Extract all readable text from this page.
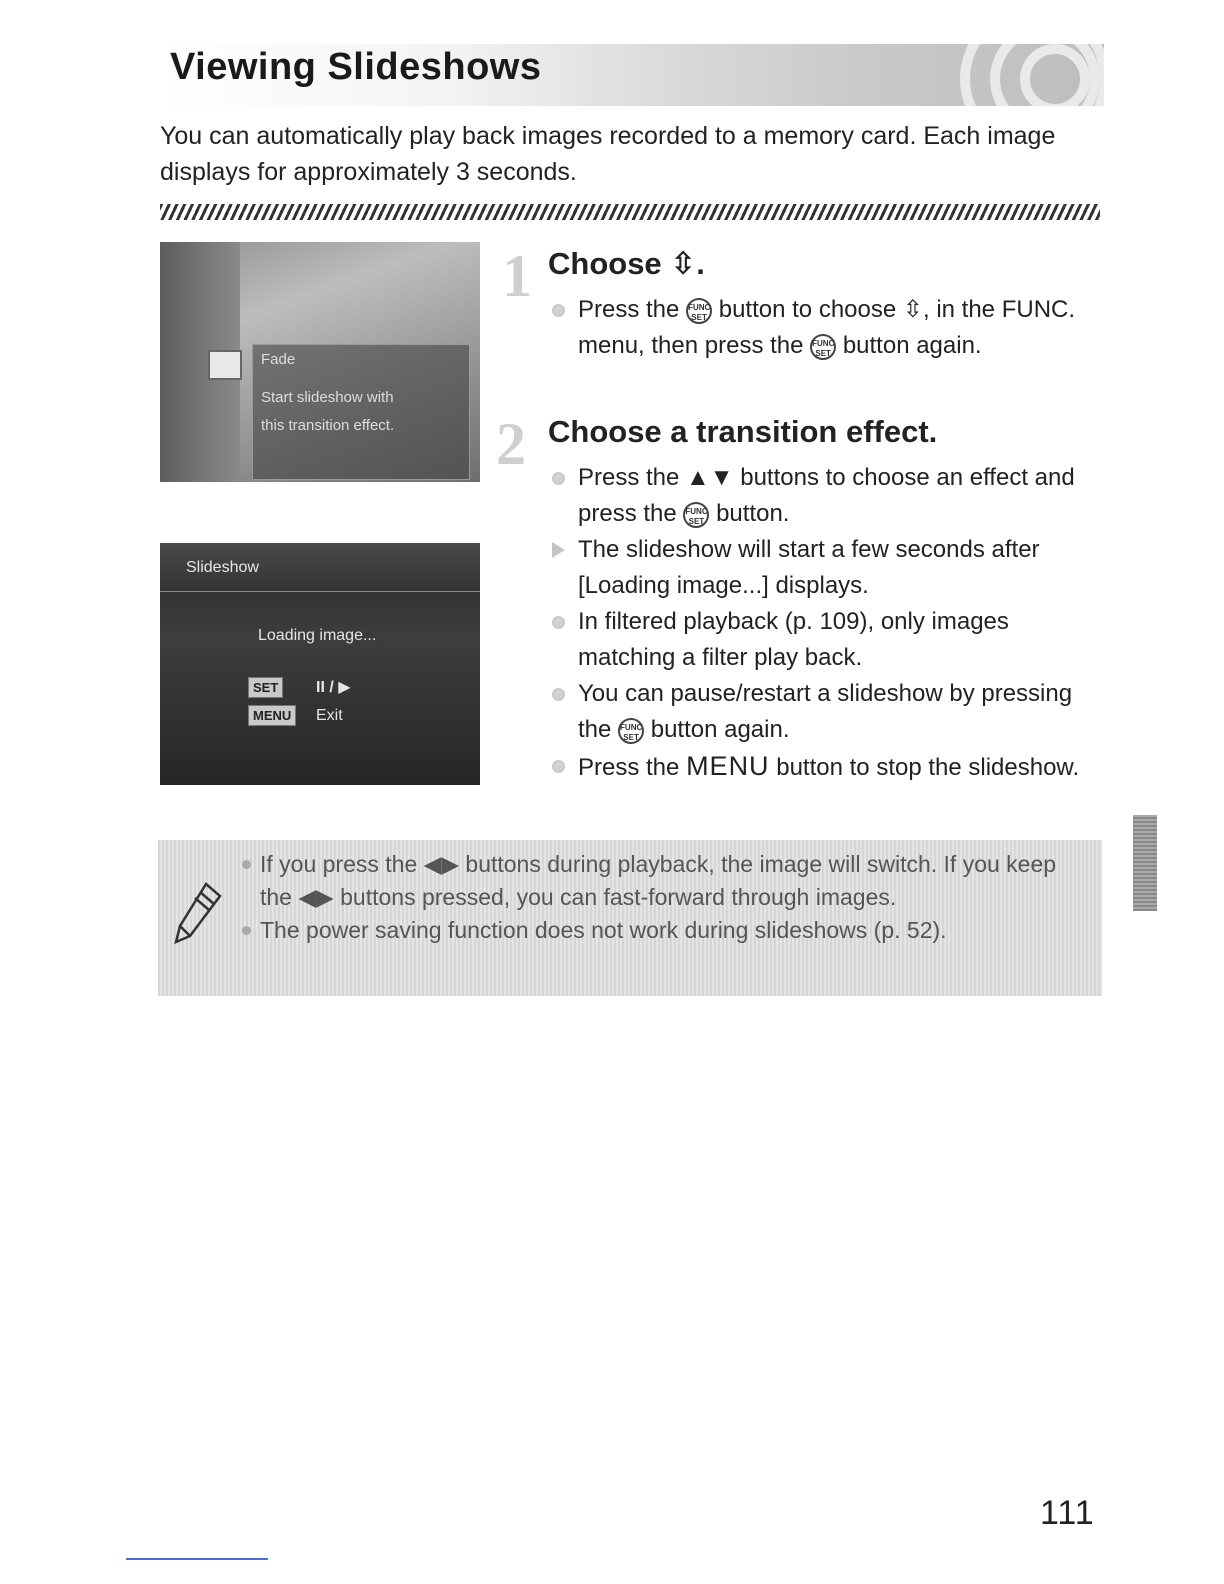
Viewing Slideshows
You can automatically play back images recorded to a memory card. Each image displays for approximately 3 seconds.
Fade
Start slideshow with
this transition effect.
Slideshow
Loading image...
SET	II / ▶
MENU	Exit
1 Choose ⇳.
Press the FUNC SET button to choose ⇳, in the FUNC. menu, then press the FUNC SET button again.
2 Choose a transition effect.
Press the ▲▼ buttons to choose an effect and press the FUNC SET button.
The slideshow will start a few seconds after [Loading image...] displays.
In filtered playback (p. 109), only images matching a filter play back.
You can pause/restart a slideshow by pressing the FUNC SET button again.
Press the MENU button to stop the slideshow.
If you press the ◀▶ buttons during playback, the image will switch. If you keep the ◀▶ buttons pressed, you can fast-forward through images.
The power saving function does not work during slideshows (p. 52).
111
